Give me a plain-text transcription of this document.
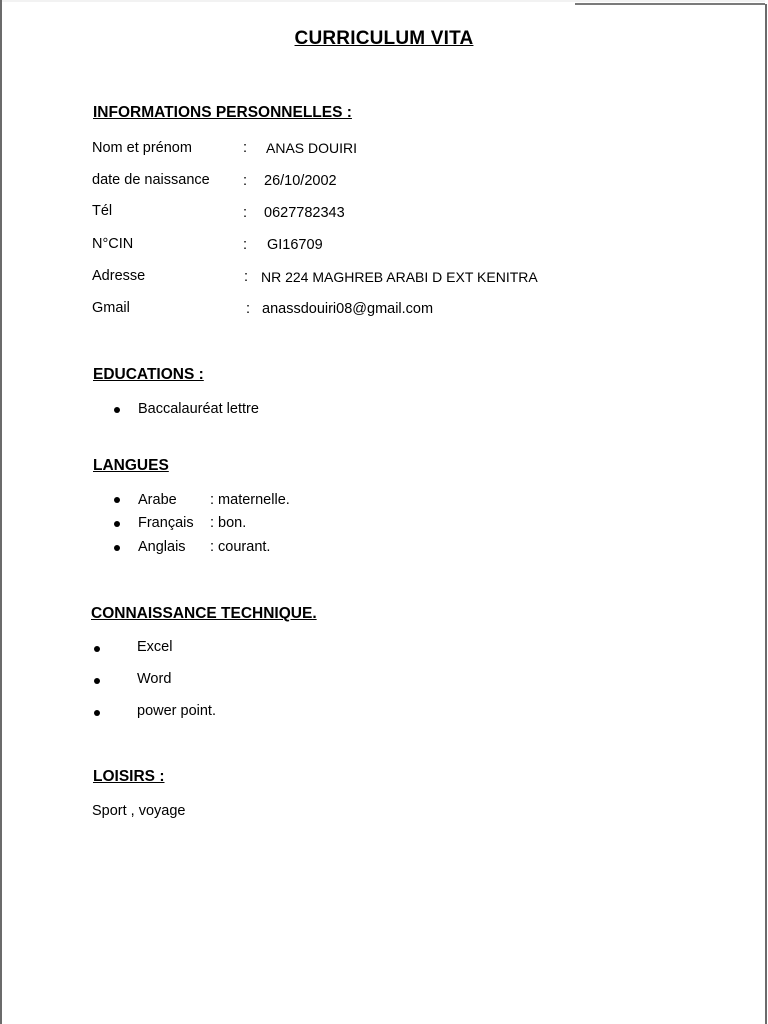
CURRICULUM VITA
INFORMATIONS PERSONNELLES :
Nom et prénom	: ANAS DOUIRI
date de naissance : 26/10/2002
Tél	: 0627782343
N°CIN	: GI16709
Adresse	: NR 224 MAGHREB ARABI D EXT KENITRA
Gmail	: anassdouiri08@gmail.com
EDUCATIONS :
Baccalauréat lettre
LANGUES
Arabe : maternelle.
Français : bon.
Anglais : courant.
CONNAISSANCE TECHNIQUE.
Excel
Word
power point.
LOISIRS :
Sport , voyage
